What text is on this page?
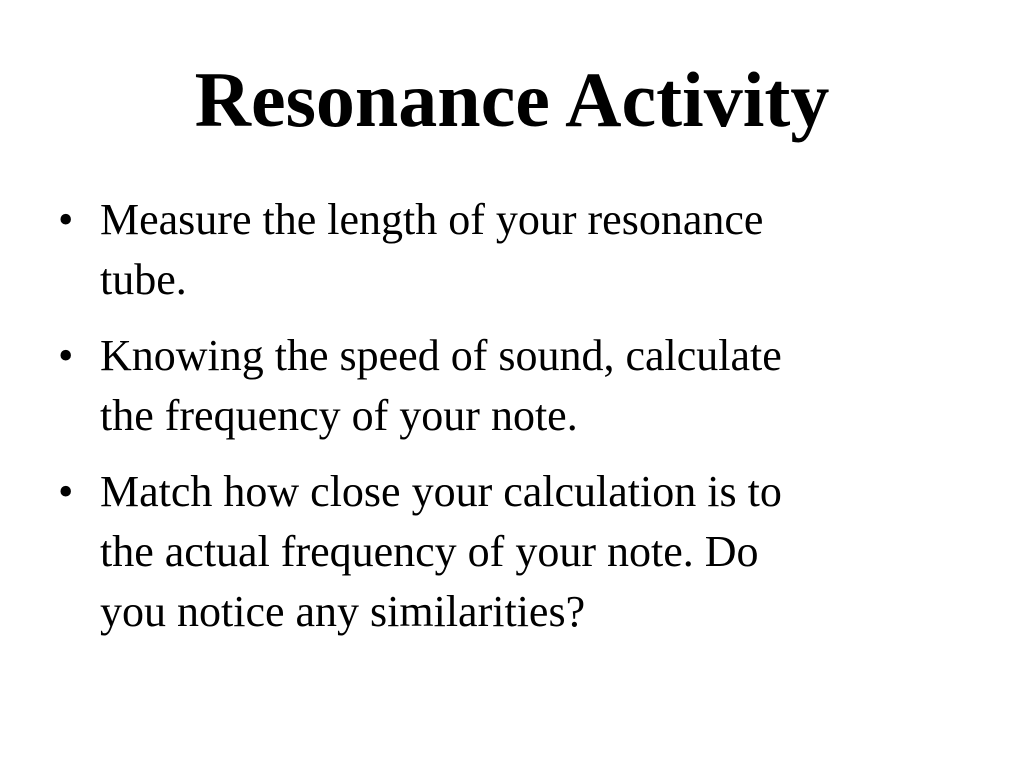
Resonance Activity
• Measure the length of your resonance
tube.
• Knowing the speed of sound, calculate
the frequency of your note.
• Match how close your calculation is to
the actual frequency of your note. Do
you notice any similarities?
